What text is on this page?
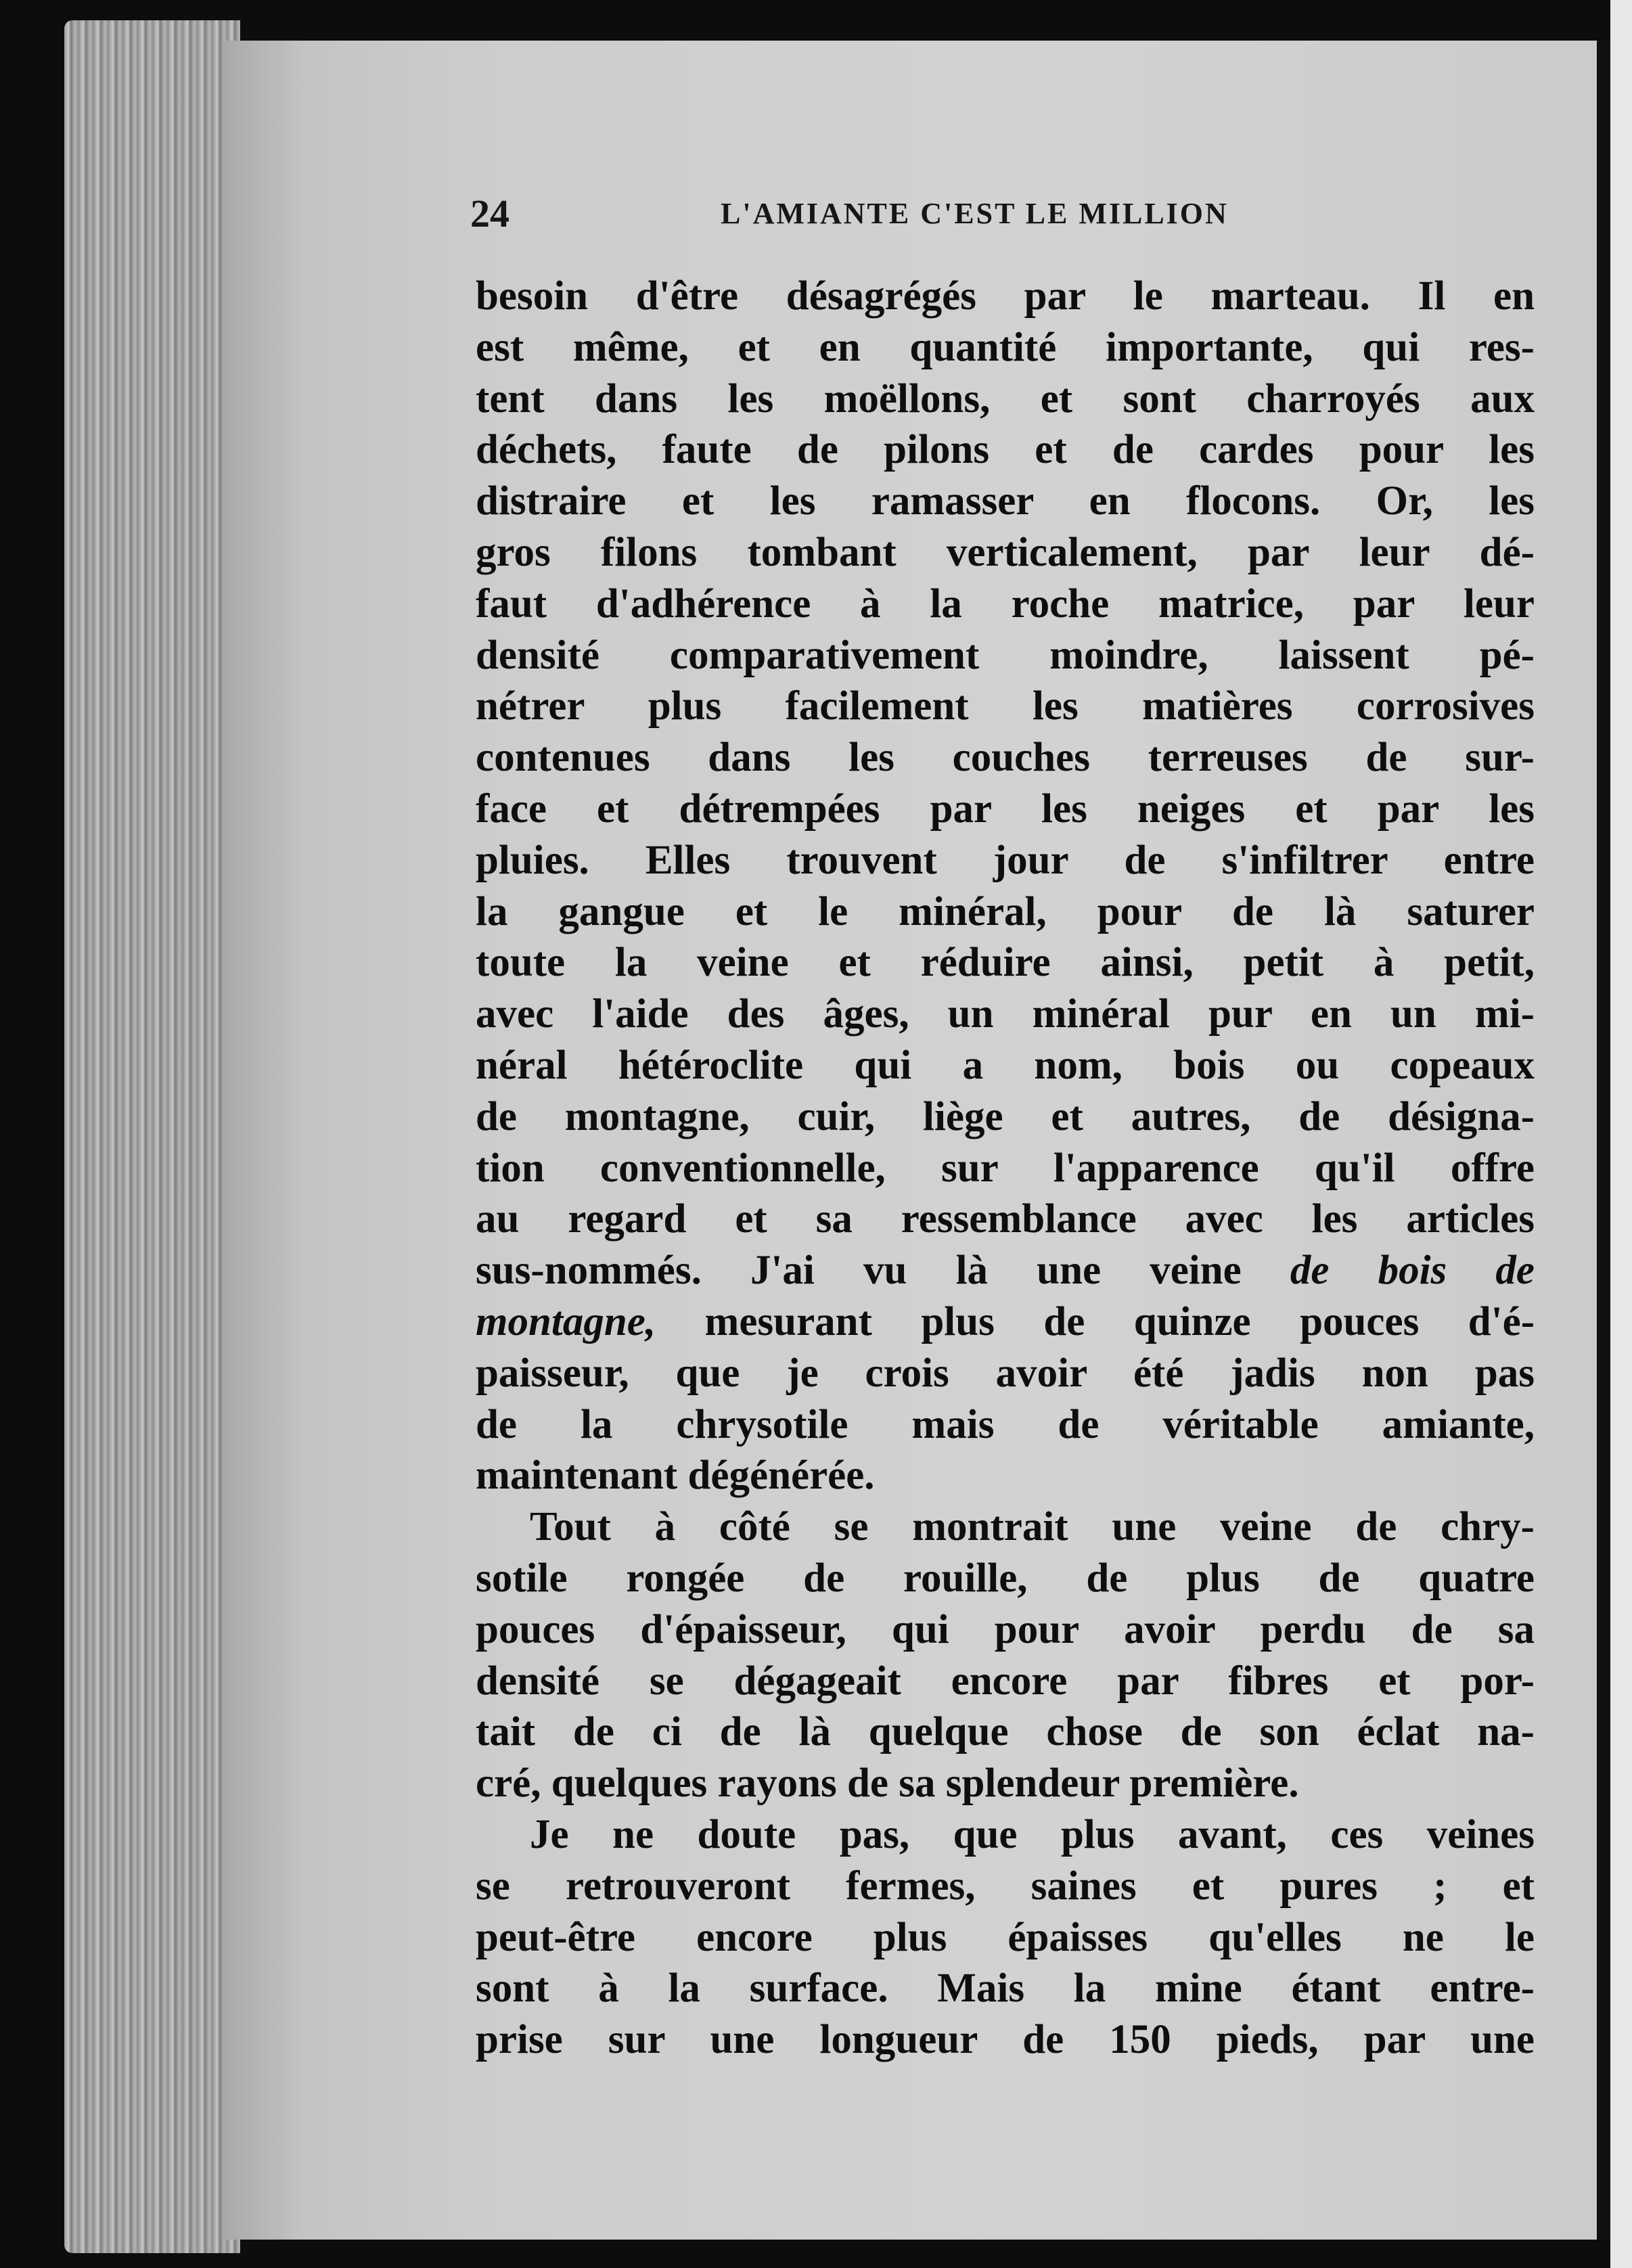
24	L'AMIANTE C'EST LE MILLION
besoin d'être désagrégés par le marteau. Il en
est même, et en quantité importante, qui res-
tent dans les moëllons, et sont charroyés aux
déchets, faute de pilons et de cardes pour les
distraire et les ramasser en flocons. Or, les
gros filons tombant verticalement, par leur dé-
faut d'adhérence à la roche matrice, par leur
densité comparativement moindre, laissent pé-
nétrer plus facilement les matières corrosives
contenues dans les couches terreuses de sur-
face et détrempées par les neiges et par les
pluies. Elles trouvent jour de s'infiltrer entre
la gangue et le minéral, pour de là saturer
toute la veine et réduire ainsi, petit à petit,
avec l'aide des âges, un minéral pur en un mi-
néral hétéroclite qui a nom, bois ou copeaux
de montagne, cuir, liège et autres, de désigna-
tion conventionnelle, sur l'apparence qu'il offre
au regard et sa ressemblance avec les articles
sus-nommés. J'ai vu là une veine de bois de
montagne, mesurant plus de quinze pouces d'é-
paisseur, que je crois avoir été jadis non pas
de la chrysotile mais de véritable amiante,
maintenant dégénérée.
Tout à côté se montrait une veine de chry-
sotile rongée de rouille, de plus de quatre
pouces d'épaisseur, qui pour avoir perdu de sa
densité se dégageait encore par fibres et por-
tait de ci de là quelque chose de son éclat na-
cré, quelques rayons de sa splendeur première.
Je ne doute pas, que plus avant, ces veines
se retrouveront fermes, saines et pures ; et
peut-être encore plus épaisses qu'elles ne le
sont à la surface. Mais la mine étant entre-
prise sur une longueur de 150 pieds, par une
